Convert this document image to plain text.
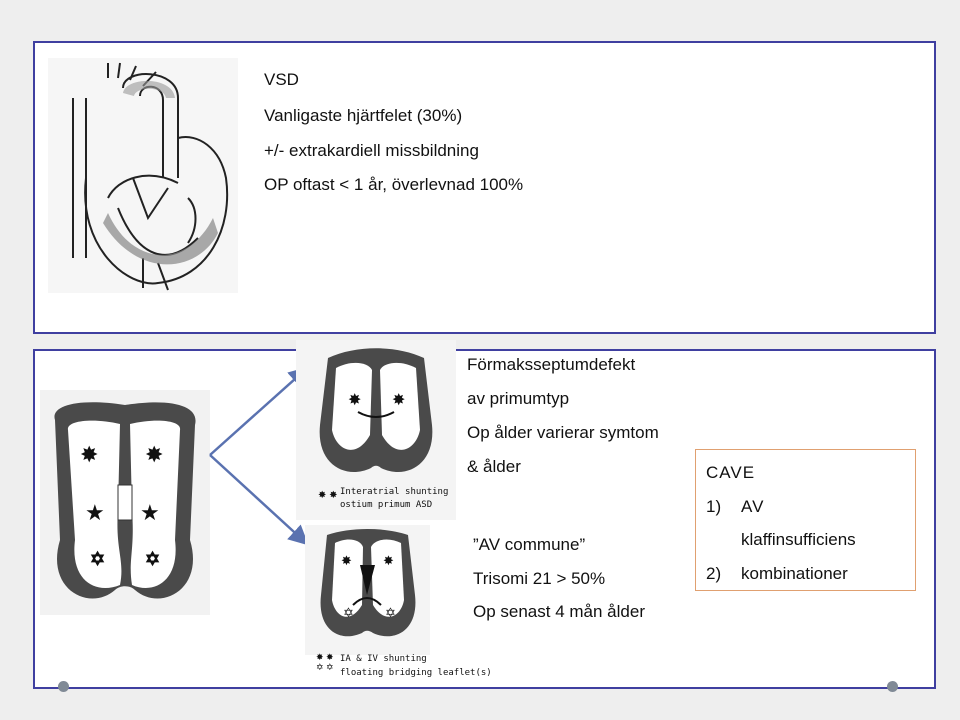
VSD
Vanligaste hjärtfelet (30%)
+/- extrakardiell missbildning
OP oftast < 1 år, överlevnad 100%
✸ ✸
★ ★
✡ ✡
✸ ✸
Interatrial shunting
ostium primum ASD
✸ ✸
✸ ✸
✡ ✡
✸ ✸
✡ ✡
IA & IV shunting
floating bridging leaflet(s)
Förmaksseptumdefekt
av primumtyp
Op ålder varierar symtom
& ålder
”AV commune”
Trisomi 21 > 50%
Op senast 4 mån ålder
CAVE
1) AV
klaffinsufficiens
2) kombinationer
